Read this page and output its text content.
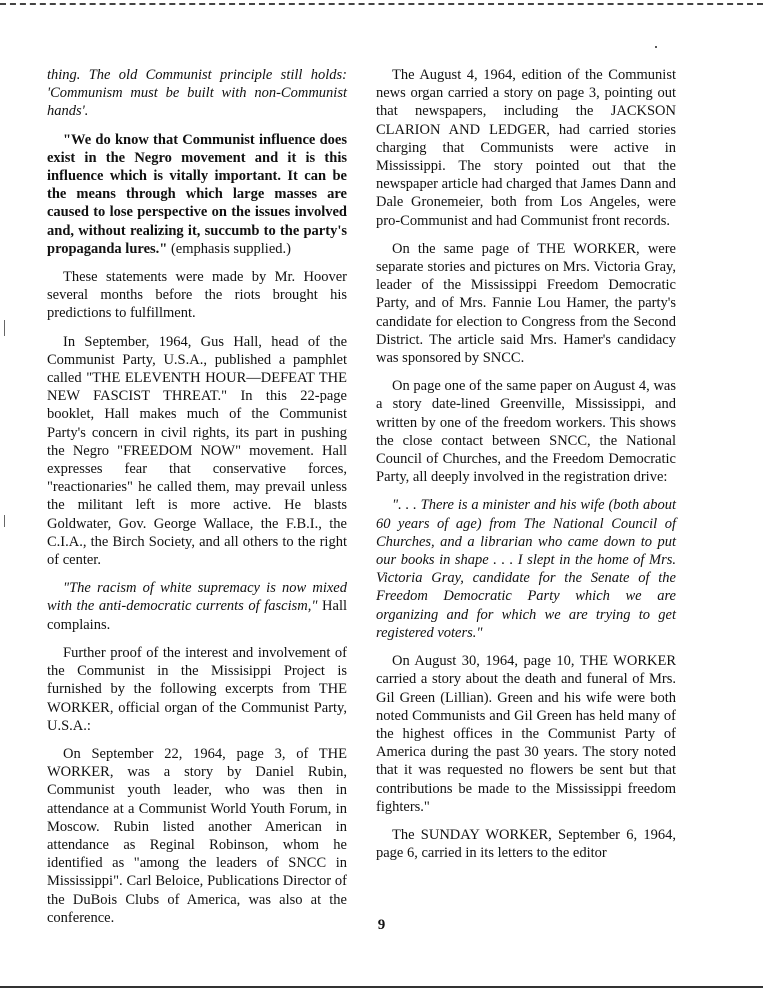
thing. The old Communist principle still holds: 'Communism must be built with non-Communist hands'.

"We do know that Communist influence does exist in the Negro movement and it is this influence which is vitally important. It can be the means through which large masses are caused to lose perspective on the issues involved and, without realizing it, succumb to the party's propaganda lures." (emphasis supplied.)

These statements were made by Mr. Hoover several months before the riots brought his predictions to fulfillment.

In September, 1964, Gus Hall, head of the Communist Party, U.S.A., published a pamphlet called "THE ELEVENTH HOUR—DEFEAT THE NEW FASCIST THREAT." In this 22-page booklet, Hall makes much of the Communist Party's concern in civil rights, its part in pushing the Negro "FREEDOM NOW" movement. Hall expresses fear that conservative forces, "reactionaries" he called them, may prevail unless the militant left is more active. He blasts Goldwater, Gov. George Wallace, the F.B.I., the C.I.A., the Birch Society, and all others to the right of center.

"The racism of white supremacy is now mixed with the anti-democratic currents of fascism," Hall complains.

Further proof of the interest and involvement of the Communist in the Missisippi Project is furnished by the following excerpts from THE WORKER, official organ of the Communist Party, U.S.A.:

On September 22, 1964, page 3, of THE WORKER, was a story by Daniel Rubin, Communist youth leader, who was then in attendance at a Communist World Youth Forum, in Moscow. Rubin listed another American in attendance as Reginal Robinson, whom he identified as "among the leaders of SNCC in Mississippi". Carl Beloice, Publications Director of the DuBois Clubs of America, was also at the conference.

The August 4, 1964, edition of the Communist news organ carried a story on page 3, pointing out that newspapers, including the JACKSON CLARION AND LEDGER, had carried stories charging that Communists were active in Mississippi. The story pointed out that the newspaper article had charged that James Dann and Dale Gronemeier, both from Los Angeles, were pro-Communist and had Communist front records.

On the same page of THE WORKER, were separate stories and pictures on Mrs. Victoria Gray, leader of the Mississippi Freedom Democratic Party, and of Mrs. Fannie Lou Hamer, the party's candidate for election to Congress from the Second District. The article said Mrs. Hamer's candidacy was sponsored by SNCC.

On page one of the same paper on August 4, was a story date-lined Greenville, Mississippi, and written by one of the freedom workers. This shows the close contact between SNCC, the National Council of Churches, and the Freedom Democratic Party, all deeply involved in the registration drive:

". . . There is a minister and his wife (both about 60 years of age) from The National Council of Churches, and a librarian who came down to put our books in shape . . . I slept in the home of Mrs. Victoria Gray, candidate for the Senate of the Freedom Democratic Party which we are organizing and for which we are trying to get registered voters."

On August 30, 1964, page 10, THE WORKER carried a story about the death and funeral of Mrs. Gil Green (Lillian). Green and his wife were both noted Communists and Gil Green has held many of the highest offices in the Communist Party of America during the past 30 years. The story noted that it was requested no flowers be sent but that contributions be made to the Mississippi freedom fighters."

The SUNDAY WORKER, September 6, 1964, page 6, carried in its letters to the editor

9
